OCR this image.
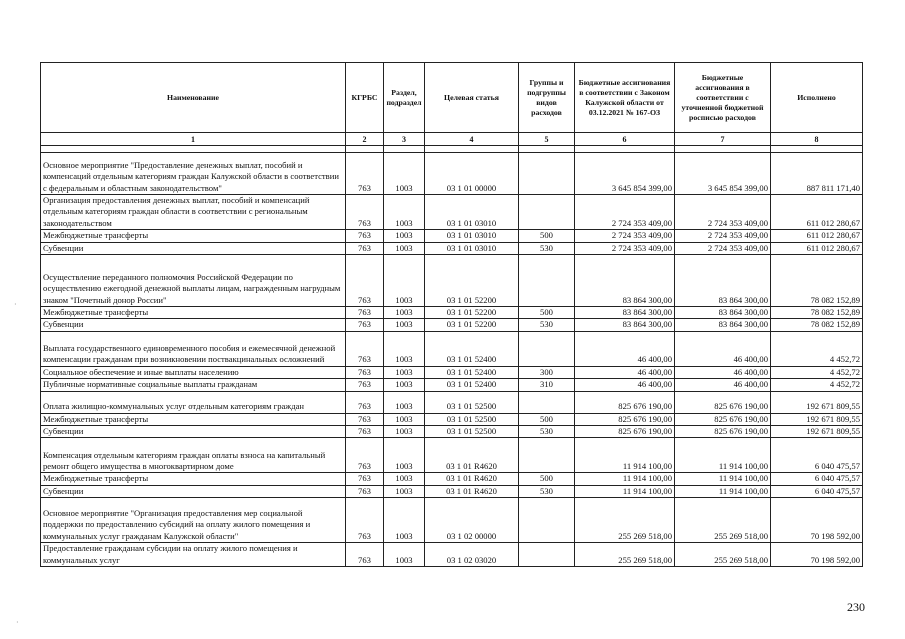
·
·
Наименование	КГРБС	Раздел, подраздел	Целевая статья	Группы и подгруппы видов расходов	Бюджетные ассигнования в соответствии с Законом Калужской области от 03.12.2021 № 167-ОЗ	Бюджетные ассигнования в соответствии с уточненной бюджетной росписью расходов	Исполнено
1	2	3	4	5	6	7	8

Основное мероприятие "Предоставление денежных выплат, пособий и компенсаций отдельным категориям граждан Калужской области в соответствии с федеральным и областным законодательством"	763	1003	03 1 01 00000		3 645 854 399,00	3 645 854 399,00	887 811 171,40
Организация предоставления денежных выплат, пособий и компенсаций отдельным категориям граждан области в соответствии с региональным законодательством	763	1003	03 1 01 03010		2 724 353 409,00	2 724 353 409,00	611 012 280,67
Межбюджетные трансферты	763	1003	03 1 01 03010	500	2 724 353 409,00	2 724 353 409,00	611 012 280,67
Субвенции	763	1003	03 1 01 03010	530	2 724 353 409,00	2 724 353 409,00	611 012 280,67
Осуществление переданного полномочия Российской Федерации по осуществлению ежегодной денежной выплаты лицам, награжденным нагрудным знаком "Почетный донор России"	763	1003	03 1 01 52200		83 864 300,00	83 864 300,00	78 082 152,89
Межбюджетные трансферты	763	1003	03 1 01 52200	500	83 864 300,00	83 864 300,00	78 082 152,89
Субвенции	763	1003	03 1 01 52200	530	83 864 300,00	83 864 300,00	78 082 152,89
Выплата государственного единовременного пособия и ежемесячной денежной компенсации гражданам при возникновении поствакцинальных осложнений	763	1003	03 1 01 52400		46 400,00	46 400,00	4 452,72
Социальное обеспечение и иные выплаты населению	763	1003	03 1 01 52400	300	46 400,00	46 400,00	4 452,72
Публичные нормативные социальные выплаты гражданам	763	1003	03 1 01 52400	310	46 400,00	46 400,00	4 452,72
Оплата жилищно-коммунальных услуг отдельным категориям граждан	763	1003	03 1 01 52500		825 676 190,00	825 676 190,00	192 671 809,55
Межбюджетные трансферты	763	1003	03 1 01 52500	500	825 676 190,00	825 676 190,00	192 671 809,55
Субвенции	763	1003	03 1 01 52500	530	825 676 190,00	825 676 190,00	192 671 809,55
Компенсация отдельным категориям граждан оплаты взноса на капитальный ремонт общего имущества в многоквартирном доме	763	1003	03 1 01 R4620		11 914 100,00	11 914 100,00	6 040 475,57
Межбюджетные трансферты	763	1003	03 1 01 R4620	500	11 914 100,00	11 914 100,00	6 040 475,57
Субвенции	763	1003	03 1 01 R4620	530	11 914 100,00	11 914 100,00	6 040 475,57
Основное мероприятие "Организация предоставления мер социальной поддержки по предоставлению субсидий на оплату жилого помещения и коммунальных услуг гражданам Калужской области"	763	1003	03 1 02 00000		255 269 518,00	255 269 518,00	70 198 592,00
Предоставление гражданам субсидии на оплату жилого помещения и коммунальных услуг	763	1003	03 1 02 03020		255 269 518,00	255 269 518,00	70 198 592,00
230
